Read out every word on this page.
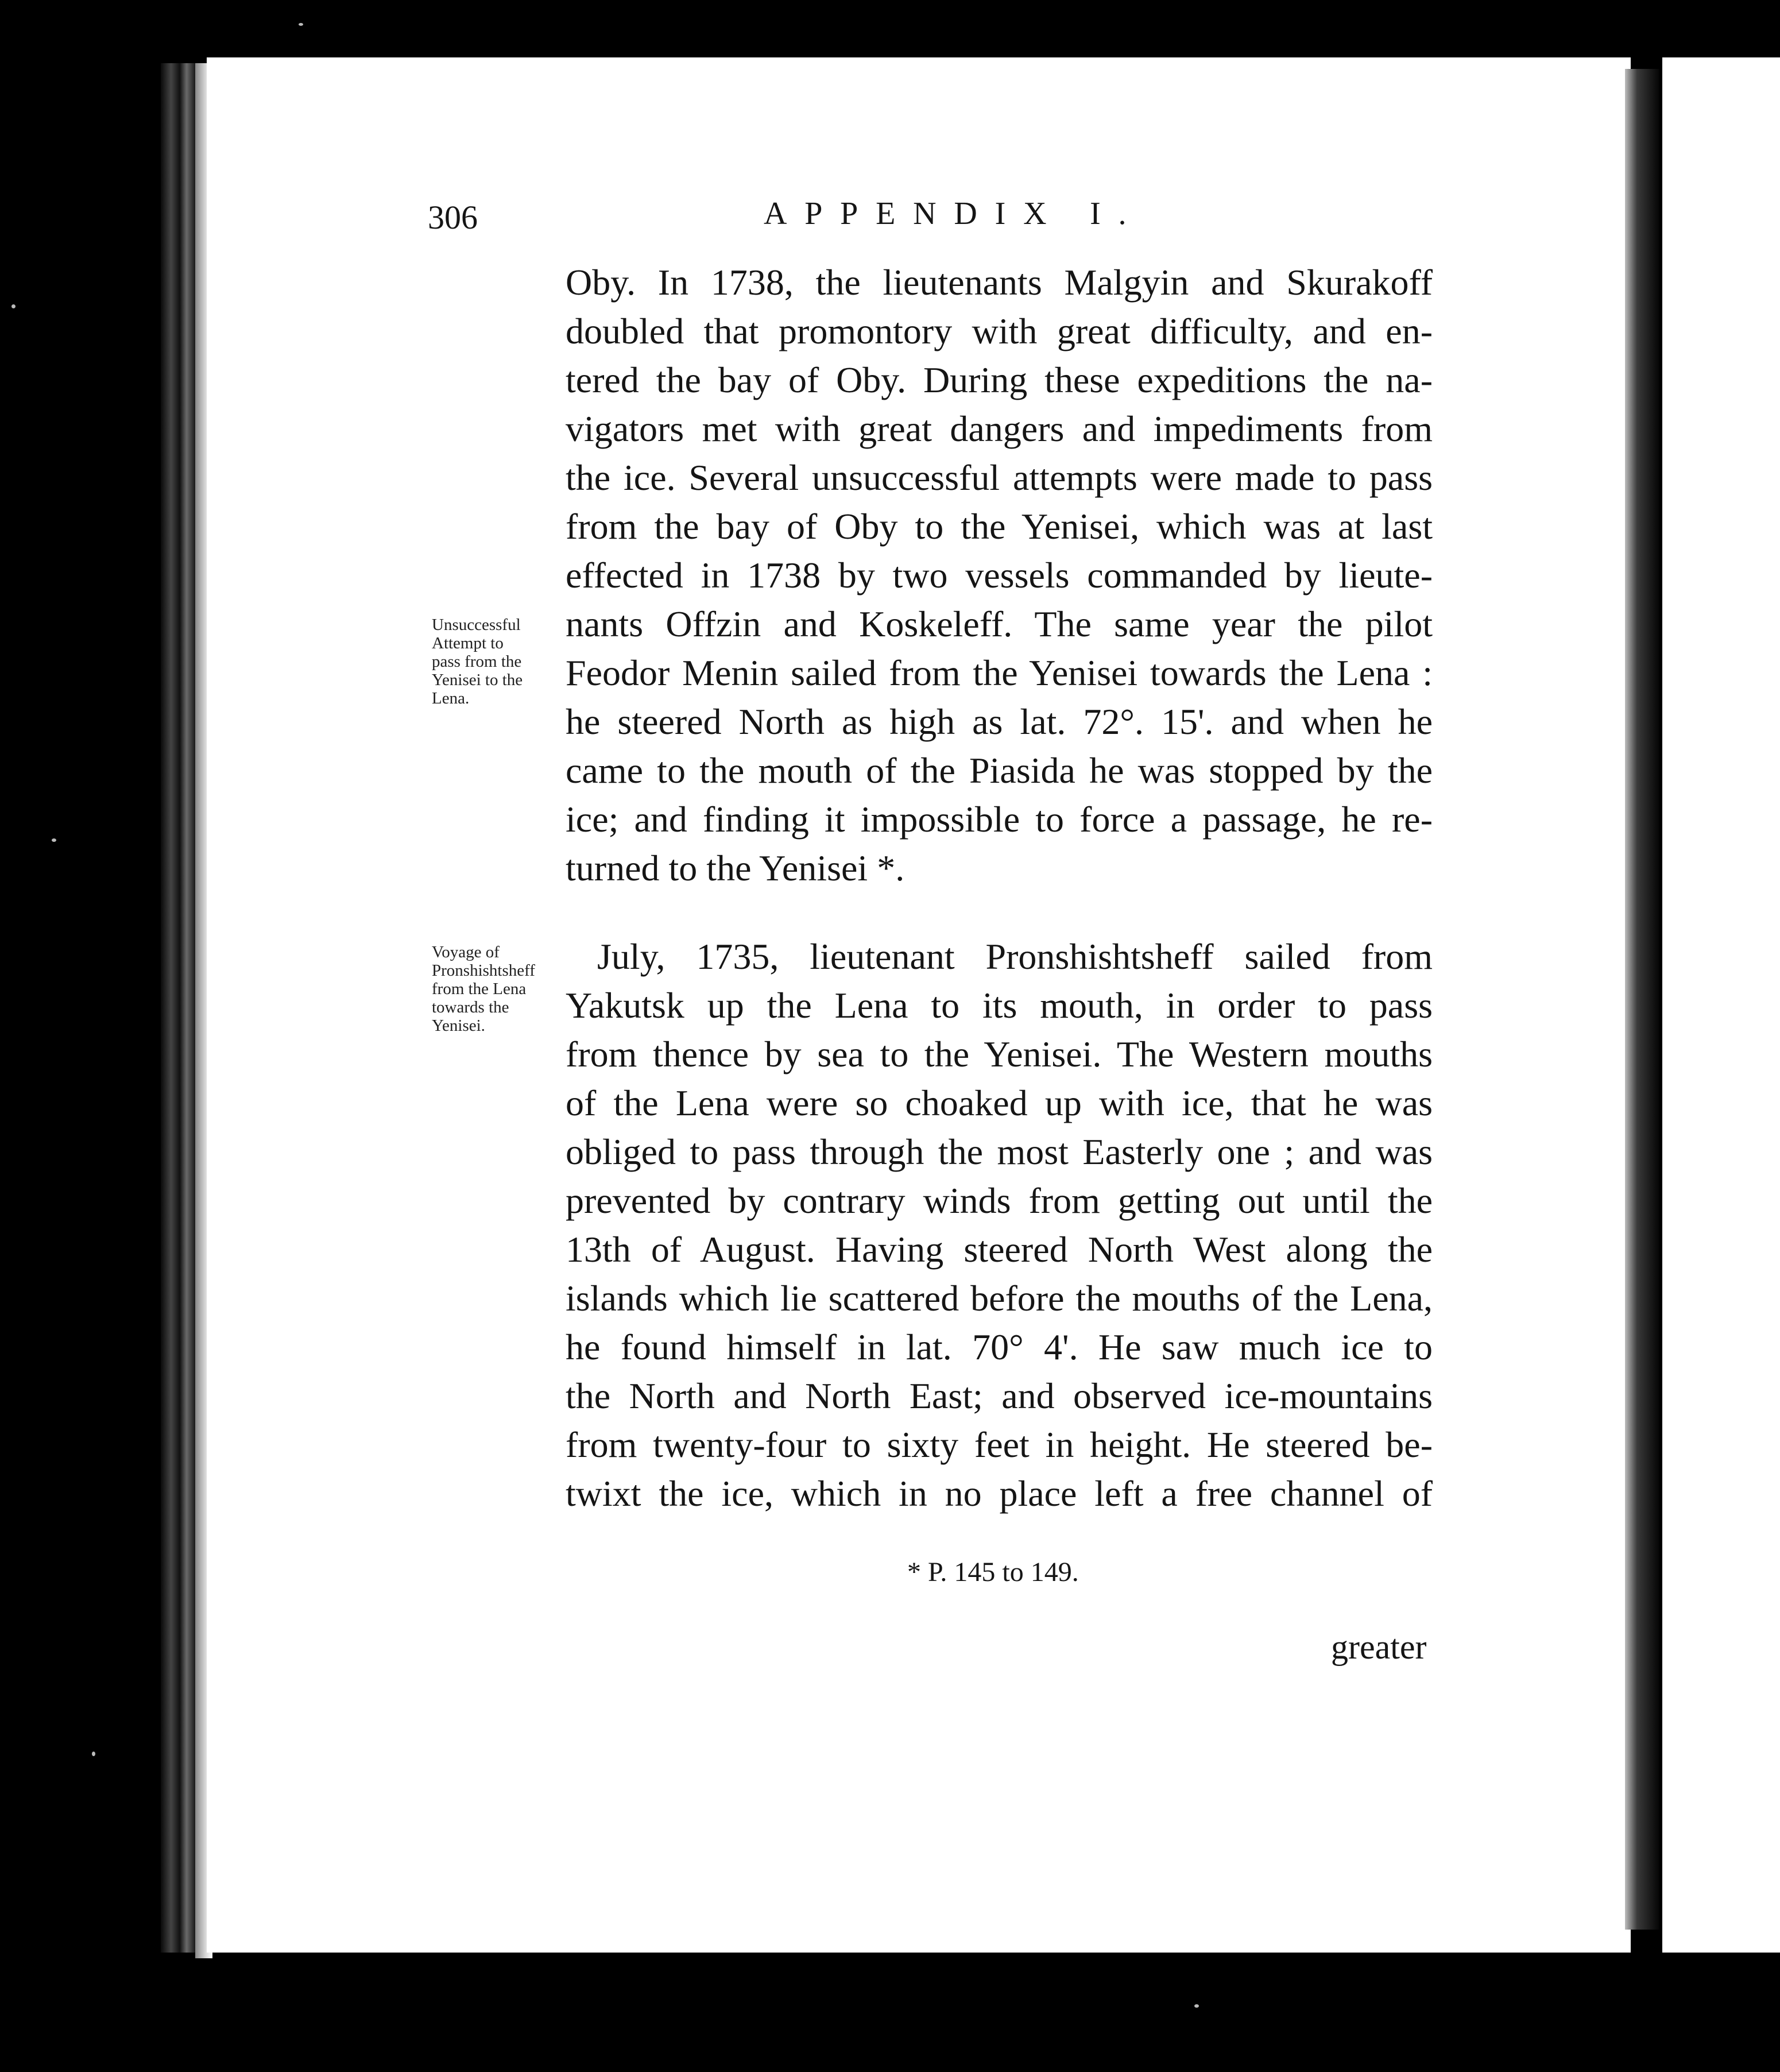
306	APPENDIX I.
Oby. In 1738, the lieutenants Malgyin and Skurakoff
doubled that promontory with great difficulty, and en-
tered the bay of Oby. During these expeditions the na-
vigators met with great dangers and impediments from
the ice. Several unsuccessful attempts were made to pass
from the bay of Oby to the Yenisei, which was at last
effected in 1738 by two vessels commanded by lieute-
nants Offzin and Koskeleff. The same year the pilot
Feodor Menin sailed from the Yenisei towards the Lena :
he steered North as high as lat. 72°. 15'. and when he
came to the mouth of the Piasida he was stopped by the
ice; and finding it impossible to force a passage, he re-
turned to the Yenisei *.
July, 1735, lieutenant Pronshishtsheff sailed from
Yakutsk up the Lena to its mouth, in order to pass
from thence by sea to the Yenisei. The Western mouths
of the Lena were so choaked up with ice, that he was
obliged to pass through the most Easterly one ; and was
prevented by contrary winds from getting out until the
13th of August. Having steered North West along the
islands which lie scattered before the mouths of the Lena,
he found himself in lat. 70° 4'. He saw much ice to
the North and North East; and observed ice-mountains
from twenty-four to sixty feet in height. He steered be-
twixt the ice, which in no place left a free channel of
Unsuccessful
Attempt to
pass from the
Yenisei to the
Lena.
Voyage of
Pronshishtsheff
from the Lena
towards the
Yenisei.
* P. 145 to 149.
greater
